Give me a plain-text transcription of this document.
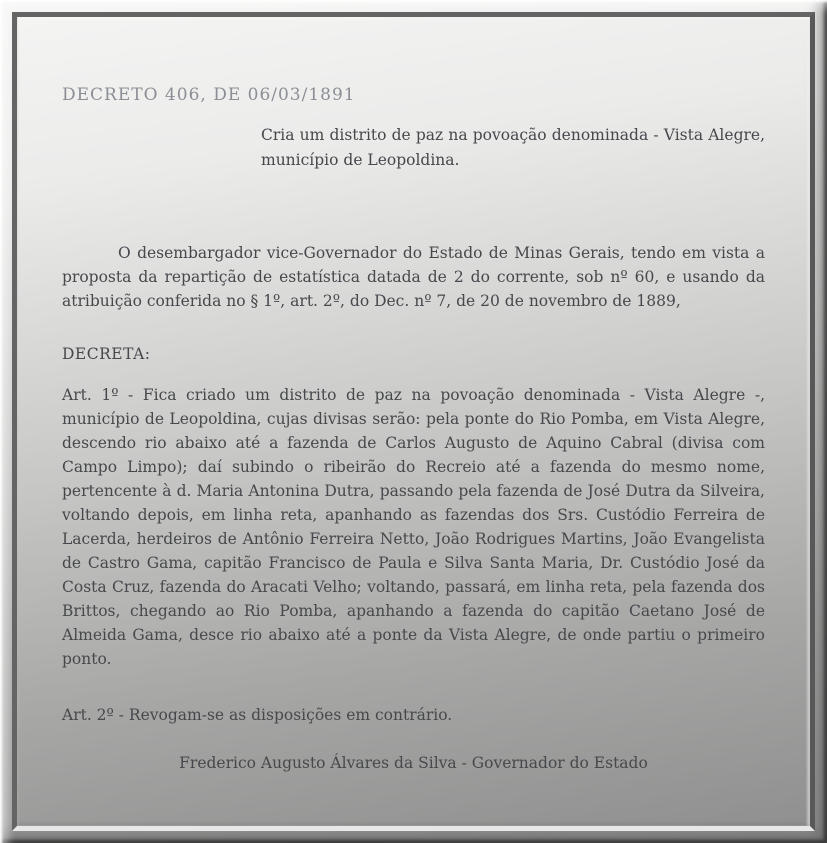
DECRETO 406, DE 06/03/1891

Cria um distrito de paz na povoação denominada - Vista Alegre, município de Leopoldina.

O desembargador vice-Governador do Estado de Minas Gerais, tendo em vista a proposta da repartição de estatística datada de 2 do corrente, sob nº 60, e usando da atribuição conferida no § 1º, art. 2º, do Dec. nº 7, de 20 de novembro de 1889,

DECRETA:

Art. 1º - Fica criado um distrito de paz na povoação denominada - Vista Alegre -, município de Leopoldina, cujas divisas serão: pela ponte do Rio Pomba, em Vista Alegre, descendo rio abaixo até a fazenda de Carlos Augusto de Aquino Cabral (divisa com Campo Limpo); daí subindo o ribeirão do Recreio até a fazenda do mesmo nome, pertencente à d. Maria Antonina Dutra, passando pela fazenda de José Dutra da Silveira, voltando depois, em linha reta, apanhando as fazendas dos Srs. Custódio Ferreira de Lacerda, herdeiros de Antônio Ferreira Netto, João Rodrigues Martins, João Evangelista de Castro Gama, capitão Francisco de Paula e Silva Santa Maria, Dr. Custódio José da Costa Cruz, fazenda do Aracati Velho; voltando, passará, em linha reta, pela fazenda dos Brittos, chegando ao Rio Pomba, apanhando a fazenda do capitão Caetano José de Almeida Gama, desce rio abaixo até a ponte da Vista Alegre, de onde partiu o primeiro ponto.

Art. 2º - Revogam-se as disposições em contrário.

Frederico Augusto Álvares da Silva - Governador do Estado
